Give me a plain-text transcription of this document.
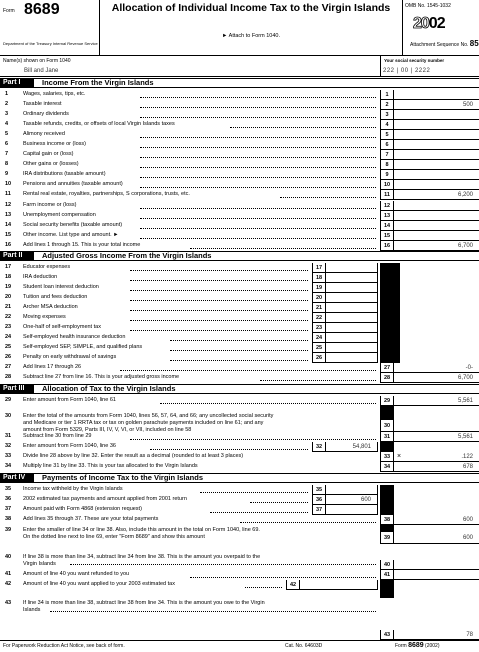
Form 8689
Department of the Treasury Internal Revenue Service
Allocation of Individual Income Tax to the Virgin Islands
► Attach to Form 1040.
OMB No. 1545-1032
2002
Attachment Sequence No. 85
Name(s) shown on Form 1040
Bill and Jane
Your social security number
222 | 00 | 2222
Part I	Income From the Virgin Islands
1	Wages, salaries, tips, etc.	1
2	Taxable interest	2	500
3	Ordinary dividends	3
4	Taxable refunds, credits, or offsets of local Virgin Islands taxes	4
5	Alimony received	5
6	Business income or (loss)	6
7	Capital gain or (loss)	7
8	Other gains or (losses)	8
9	IRA distributions (taxable amount)	9
10 Pensions and annuities (taxable amount)	10
11 Rental real estate, royalties, partnerships, S corporations, trusts, etc.	11	6,200
12 Farm income or (loss)	12
13 Unemployment compensation	13
14 Social security benefits (taxable amount)	14
15 Other income. List type and amount. ►	15
16 Add lines 1 through 15. This is your total income	16	6,700
Part II	Adjusted Gross Income From the Virgin Islands
17 Educator expenses	17
18 IRA deduction	18
19 Student loan interest deduction	19
20 Tuition and fees deduction	20
21 Archer MSA deduction	21
22 Moving expenses	22
23 One-half of self-employment tax	23
24 Self-employed health insurance deduction	24
25 Self-employed SEP, SIMPLE, and qualified plans	25
26 Penalty on early withdrawal of savings	26
27 Add lines 17 through 26	27	-0-
28 Subtract line 27 from line 16. This is your adjusted gross income	28	6,700
Part III	Allocation of Tax to the Virgin Islands
29 Enter amount from Form 1040, line 61	29	5,561
30 Enter the total of the amounts from Form 1040, lines 56, 57, 64, and 66; any uncollected social security
and Medicare or tier 1 RRTA tax or tax on golden parachute payments included on line 61; and any
amount from Form 5329, Parts III, IV, V, VI, or VII, included on line 58
30
31 Subtract line 30 from line 29	31	5,561
32 Enter amount from Form 1040, line 36	32	54,801
33 Divide line 28 above by line 32. Enter the result as a decimal (rounded to at least 3 places)	33 ×	.122
34 Multiply line 31 by line 33. This is your tax allocated to the Virgin Islands	34	678
Part IV	Payments of Income Tax to the Virgin Islands
35 Income tax withheld by the Virgin Islands	35
36 2002 estimated tax payments and amount applied from 2001 return	36	600
37 Amount paid with Form 4868 (extension request)	37
38 Add lines 35 through 37. These are your total payments	38	600
39 Enter the smaller of line 34 or line 38. Also, include this amount in the total on Form 1040, line 69.
On the dotted line next to line 69, enter "Form 8689" and show this amount	39	600
40 If line 38 is more than line 34, subtract line 34 from line 38. This is the amount you overpaid to the
Virgin Islands	40
41 Amount of line 40 you want refunded to you	41
42 Amount of line 40 you want applied to your 2003 estimated tax	42
43 If line 34 is more than line 38, subtract line 38 from line 34. This is the amount you owe to the Virgin
Islands
43	78
For Paperwork Reduction Act Notice, see back of form.	Cat. No. 64603D	Form 8689 (2002)
